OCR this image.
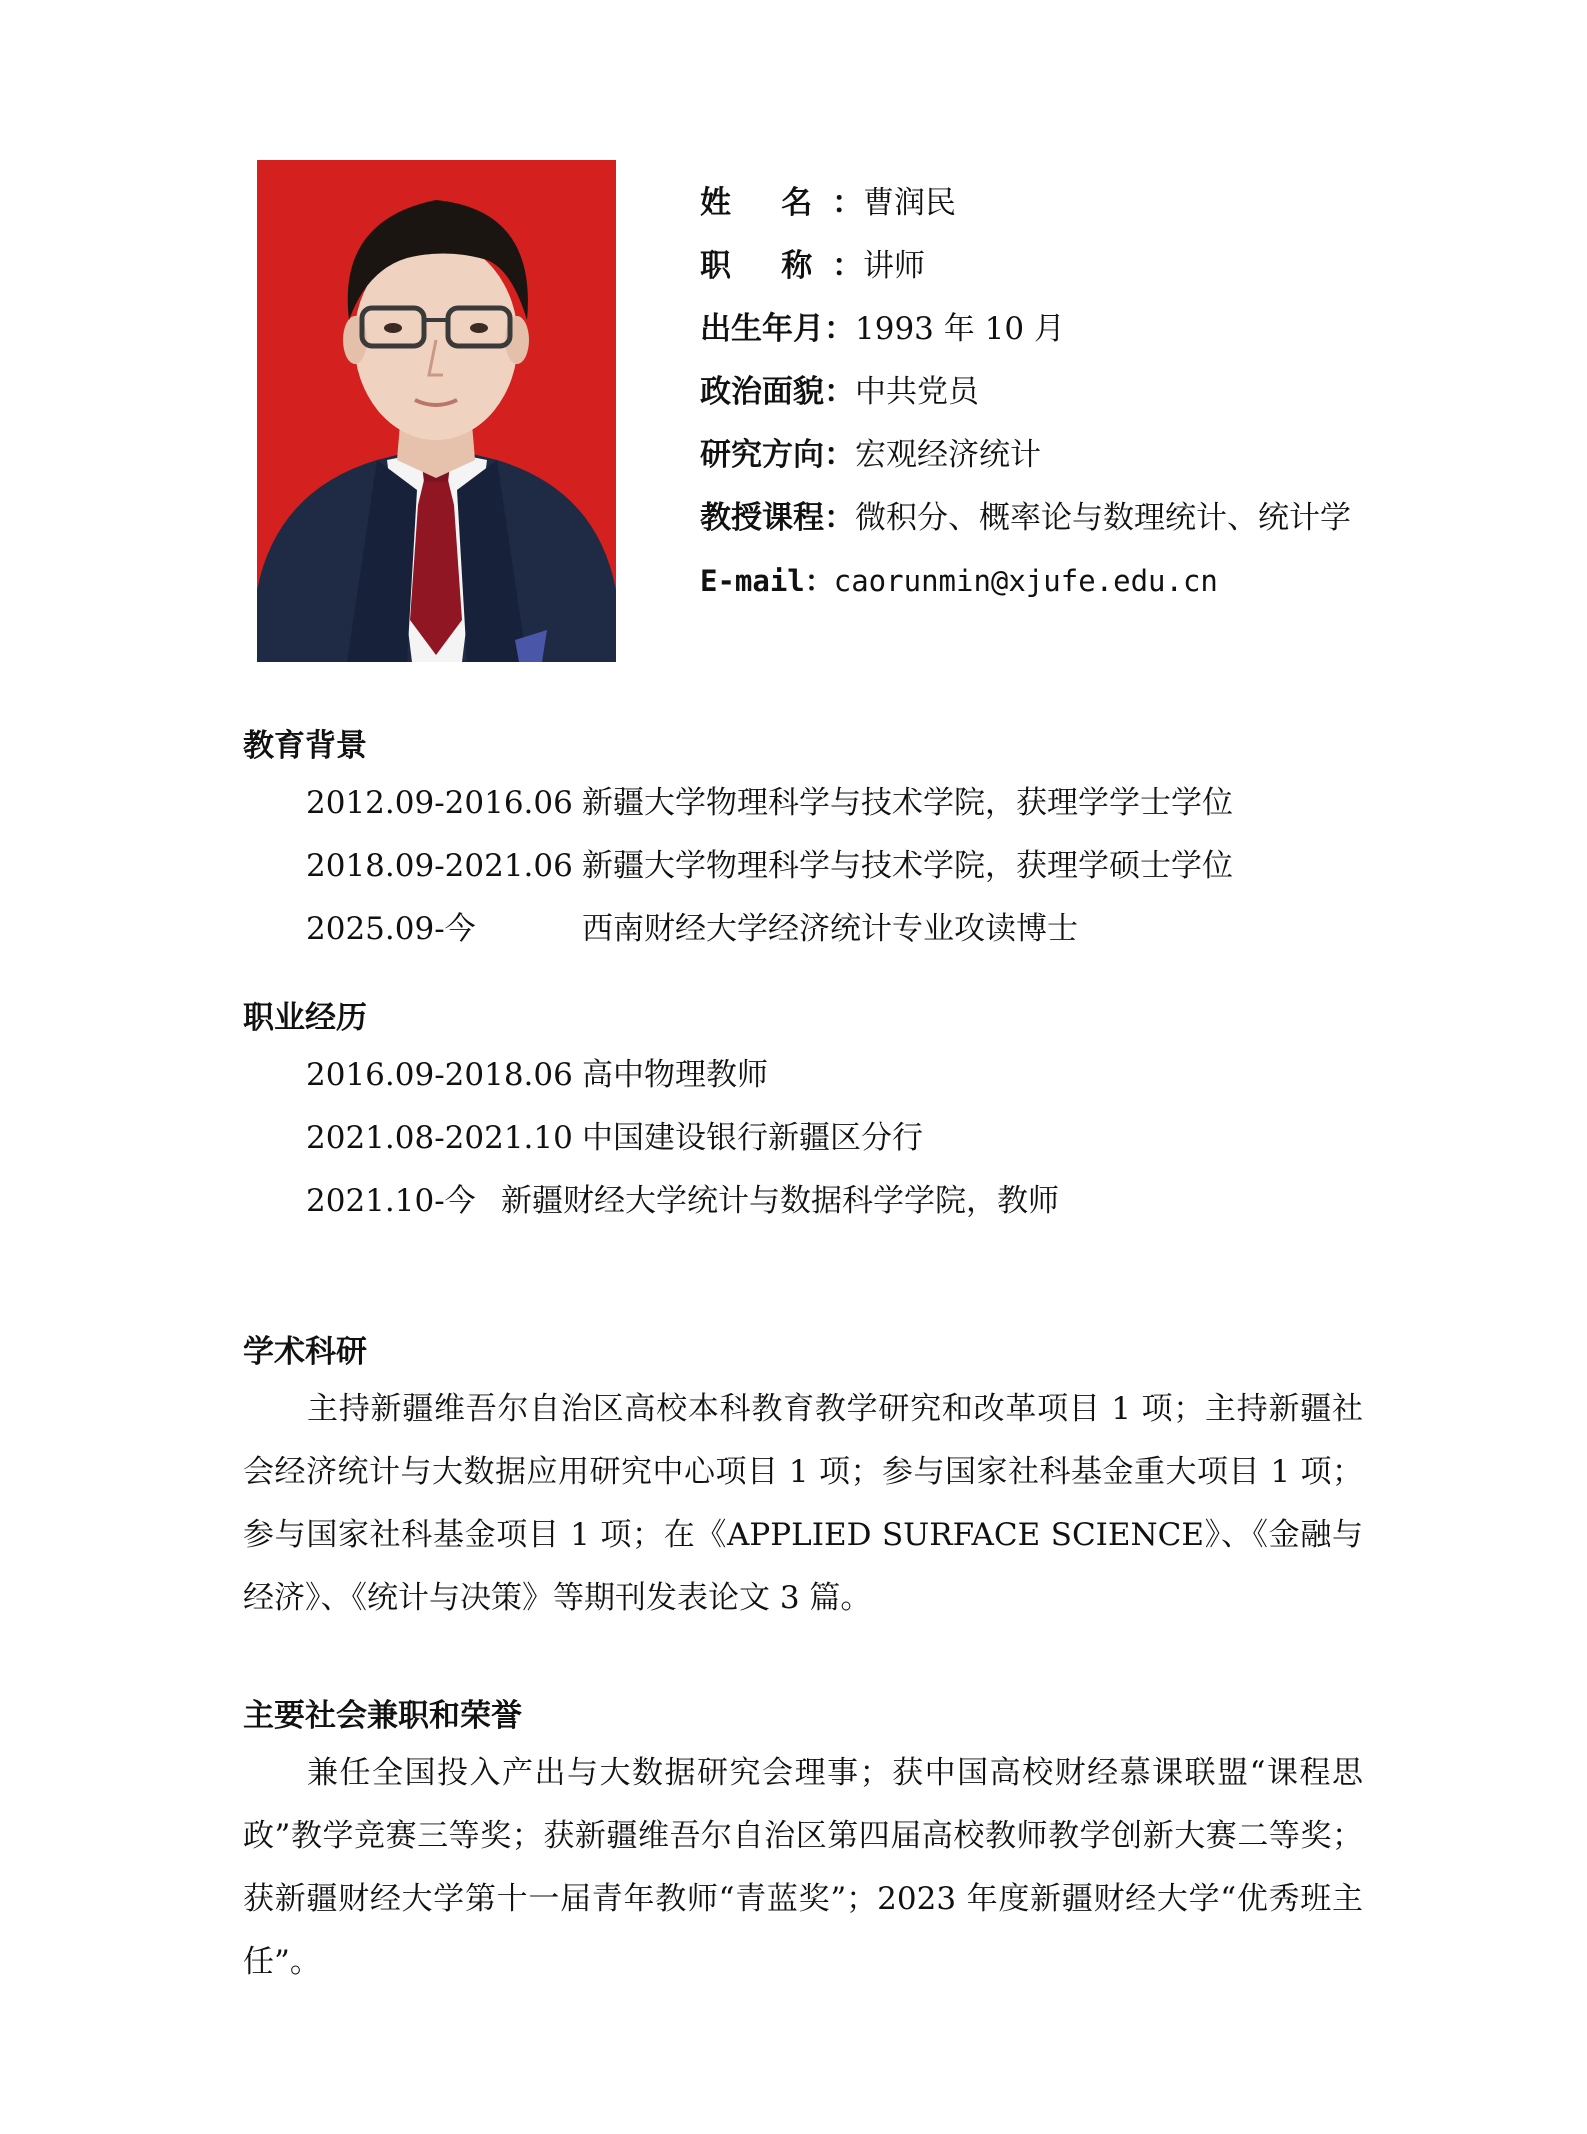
姓 名：曹润民
职 称：讲师
出生年月：1993 年 10 月
政治面貌：中共党员
研究方向：宏观经济统计
教授课程：微积分、概率论与数理统计、统计学
E-mail：caorunmin@xjufe.edu.cn
教育背景
2012.09-2016.06 新疆大学物理科学与技术学院，获理学学士学位
2018.09-2021.06 新疆大学物理科学与技术学院，获理学硕士学位
2025.09-今	西南财经大学经济统计专业攻读博士
职业经历
2016.09-2018.06 高中物理教师
2021.08-2021.10 中国建设银行新疆区分行
2021.10-今 新疆财经大学统计与数据科学学院，教师
学术科研

主持新疆维吾尔自治区高校本科教育教学研究和改革项目 1 项；主持新疆社会经济统计与大数据应用研究中心项目 1 项；参与国家社科基金重大项目 1 项；参与国家社科基金项目 1 项；在《APPLIED SURFACE SCIENCE》、《金融与经济》、《统计与决策》等期刊发表论文 3 篇。

主要社会兼职和荣誉

兼任全国投入产出与大数据研究会理事；获中国高校财经慕课联盟“课程思政”教学竞赛三等奖；获新疆维吾尔自治区第四届高校教师教学创新大赛二等奖；获新疆财经大学第十一届青年教师“青蓝奖”；2023 年度新疆财经大学“优秀班主任”。
